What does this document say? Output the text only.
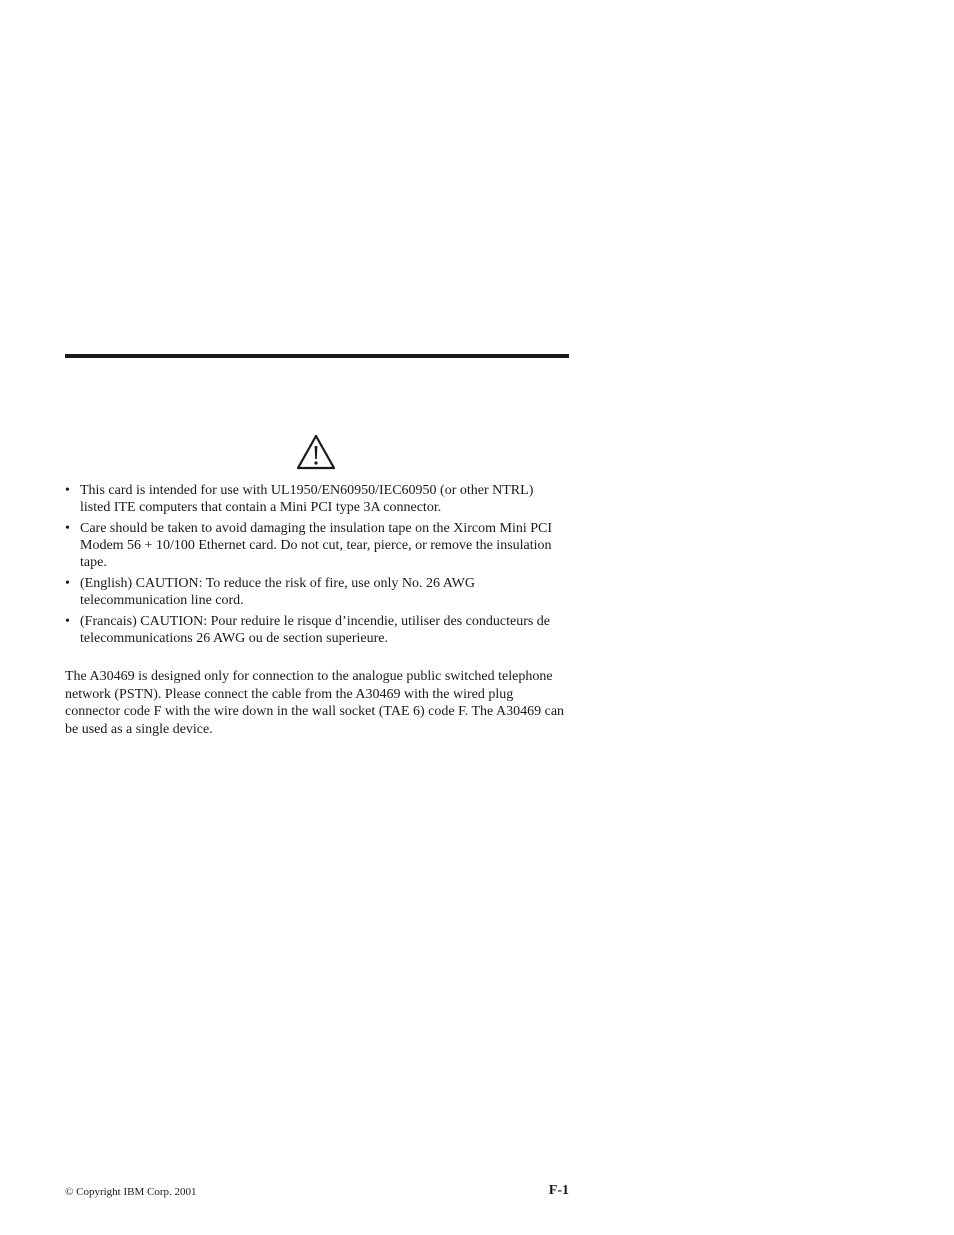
• This card is intended for use with UL1950/EN60950/IEC60950 (or other NTRL) listed ITE computers that contain a Mini PCI type 3A connector.
• Care should be taken to avoid damaging the insulation tape on the Xircom Mini PCI Modem 56 + 10/100 Ethernet card. Do not cut, tear, pierce, or remove the insulation tape.
• (English) CAUTION: To reduce the risk of fire, use only No. 26 AWG telecommunication line cord.
• (Francais) CAUTION: Pour reduire le risque d’incendie, utiliser des conducteurs de telecommunications 26 AWG ou de section superieure.

The A30469 is designed only for connection to the analogue public switched telephone network (PSTN). Please connect the cable from the A30469 with the wired plug connector code F with the wire down in the wall socket (TAE 6) code F. The A30469 can be used as a single device.

© Copyright IBM Corp. 2001	F-1
